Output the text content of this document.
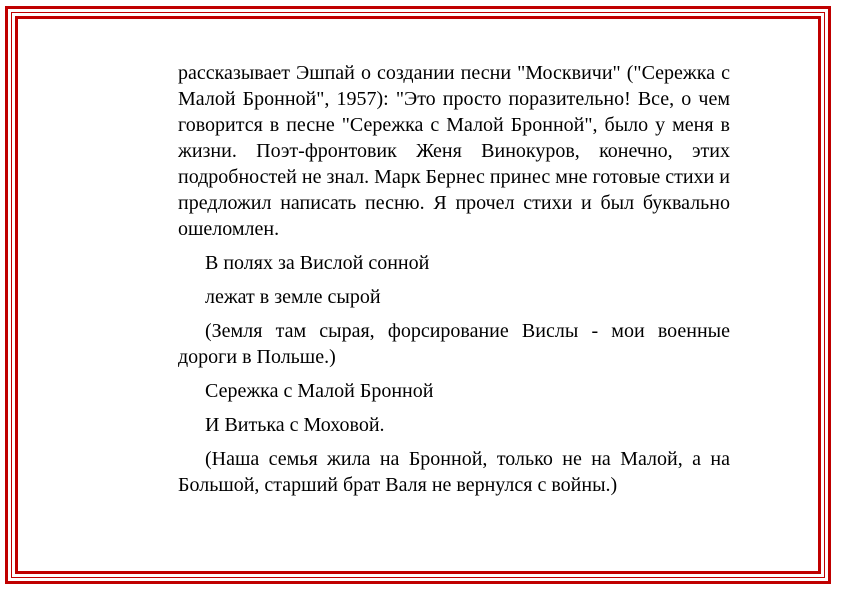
рассказывает Эшпай о создании песни "Москвичи" ("Сережка с Малой Бронной", 1957): "Это просто поразительно! Все, о чем говорится в песне "Сережка с Малой Бронной", было у меня в жизни. Поэт-фронтовик Женя Винокуров, конечно, этих подробностей не знал. Марк Бернес принес мне готовые стихи и предложил написать песню. Я прочел стихи и был буквально ошеломлен.

В полях за Вислой сонной

лежат в земле сырой

(Земля там сырая, форсирование Вислы - мои военные дороги в Польше.)

Сережка с Малой Бронной

И Витька с Моховой.

(Наша семья жила на Бронной, только не на Малой, а на Большой, старший брат Валя не вернулся с войны.)
